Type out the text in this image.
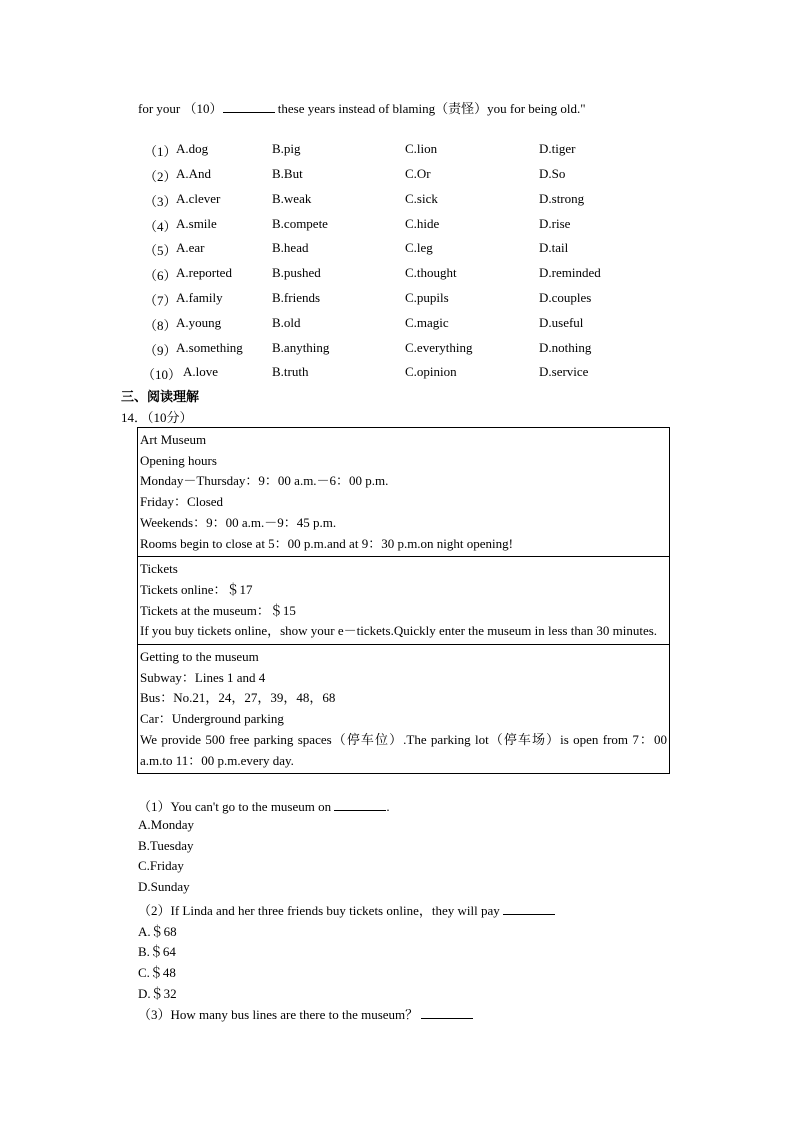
for your （10）	these years instead of blaming（责怪）you for being old."
（1） A.dog	B.pig	C.lion	D.tiger
（2） A.And	B.But	C.Or	D.So
（3） A.clever	B.weak	C.sick	D.strong
（4） A.smile	B.compete	C.hide	D.rise
（5） A.ear	B.head	C.leg	D.tail
（6） A.reported	B.pushed	C.thought	D.reminded
（7） A.family	B.friends	C.pupils	D.couples
（8） A.young	B.old	C.magic	D.useful
（9） A.something B.anything	C.everything	D.nothing
（10） A.love	B.truth	C.opinion	D.service
三、阅读理解
14．（10分）
Art Museum
Opening hours
Monday－Thursday：9：00 a.m.－6：00 p.m.
Friday：Closed
Weekends：9：00 a.m.－9：45 p.m.
Rooms begin to close at 5：00 p.m.and at 9：30 p.m.on night opening!
Tickets
Tickets online：＄17
Tickets at the museum：＄15
If you buy tickets online，show your e－tickets.Quickly enter the museum in less than 30 minutes.
Getting to the museum
Subway：Lines 1 and 4
Bus：No.21，24，27，39，48，68
Car：Underground parking
We provide 500 free parking spaces（停车位）.The parking lot（停车场）is open from 7：00 a.m.to 11：00 p.m.every day.
（1）You can't go to the museum on	.
A.Monday
B.Tuesday
C.Friday
D.Sunday
（2）If Linda and her three friends buy tickets online，they will pay
A.＄68
B.＄64
C.＄48
D.＄32
（3）How many bus lines are there to the museum？
